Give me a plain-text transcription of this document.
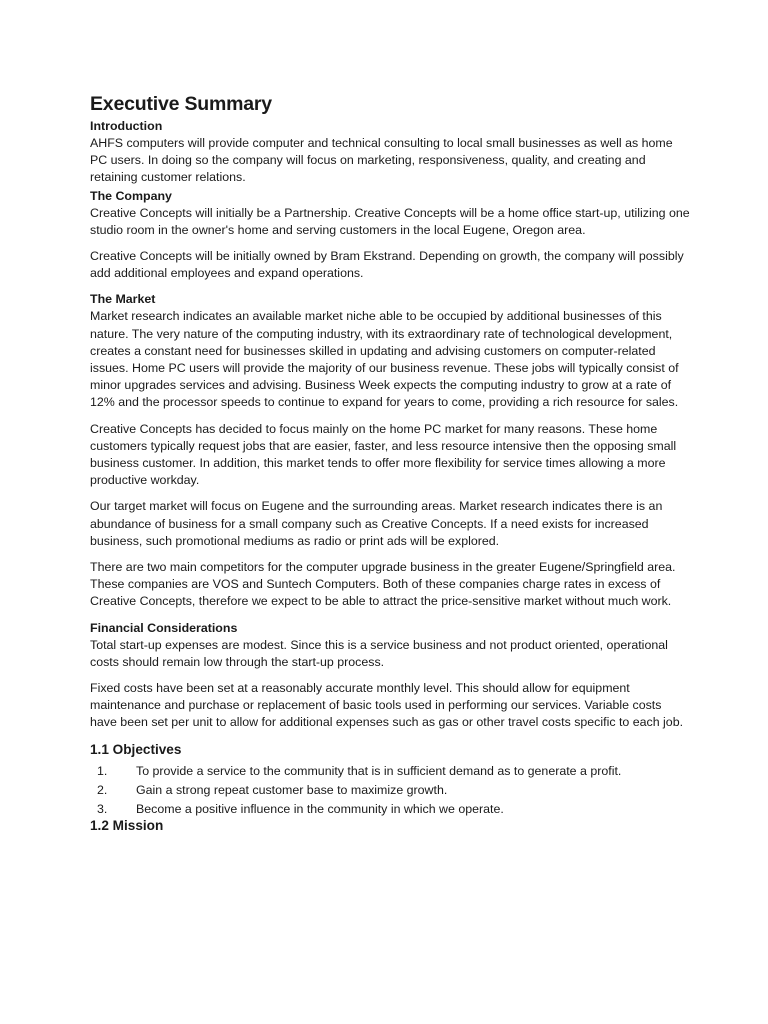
Executive Summary
Introduction

AHFS computers will provide computer and technical consulting to local small businesses as well as home PC users. In doing so the company will focus on marketing, responsiveness, quality, and creating and retaining customer relations.

The Company

Creative Concepts will initially be a Partnership. Creative Concepts will be a home office start-up, utilizing one studio room in the owner's home and serving customers in the local Eugene, Oregon area.

Creative Concepts will be initially owned by Bram Ekstrand. Depending on growth, the company will possibly add additional employees and expand operations.

The Market

Market research indicates an available market niche able to be occupied by additional businesses of this nature. The very nature of the computing industry, with its extraordinary rate of technological development, creates a constant need for businesses skilled in updating and advising customers on computer-related issues. Home PC users will provide the majority of our business revenue. These jobs will typically consist of minor upgrades services and advising. Business Week expects the computing industry to grow at a rate of 12% and the processor speeds to continue to expand for years to come, providing a rich resource for sales.

Creative Concepts has decided to focus mainly on the home PC market for many reasons. These home customers typically request jobs that are easier, faster, and less resource intensive then the opposing small business customer. In addition, this market tends to offer more flexibility for service times allowing a more productive workday.

Our target market will focus on Eugene and the surrounding areas. Market research indicates there is an abundance of business for a small company such as Creative Concepts. If a need exists for increased business, such promotional mediums as radio or print ads will be explored.

There are two main competitors for the computer upgrade business in the greater Eugene/Springfield area. These companies are VOS and Suntech Computers. Both of these companies charge rates in excess of Creative Concepts, therefore we expect to be able to attract the price-sensitive market without much work.

Financial Considerations

Total start-up expenses are modest. Since this is a service business and not product oriented, operational costs should remain low through the start-up process.

Fixed costs have been set at a reasonably accurate monthly level. This should allow for equipment maintenance and purchase or replacement of basic tools used in performing our services. Variable costs have been set per unit to allow for additional expenses such as gas or other travel costs specific to each job.

1.1 Objectives
1.	To provide a service to the community that is in sufficient demand as to generate a profit.
2.	Gain a strong repeat customer base to maximize growth.
3.	Become a positive influence in the community in which we operate.
1.2 Mission
